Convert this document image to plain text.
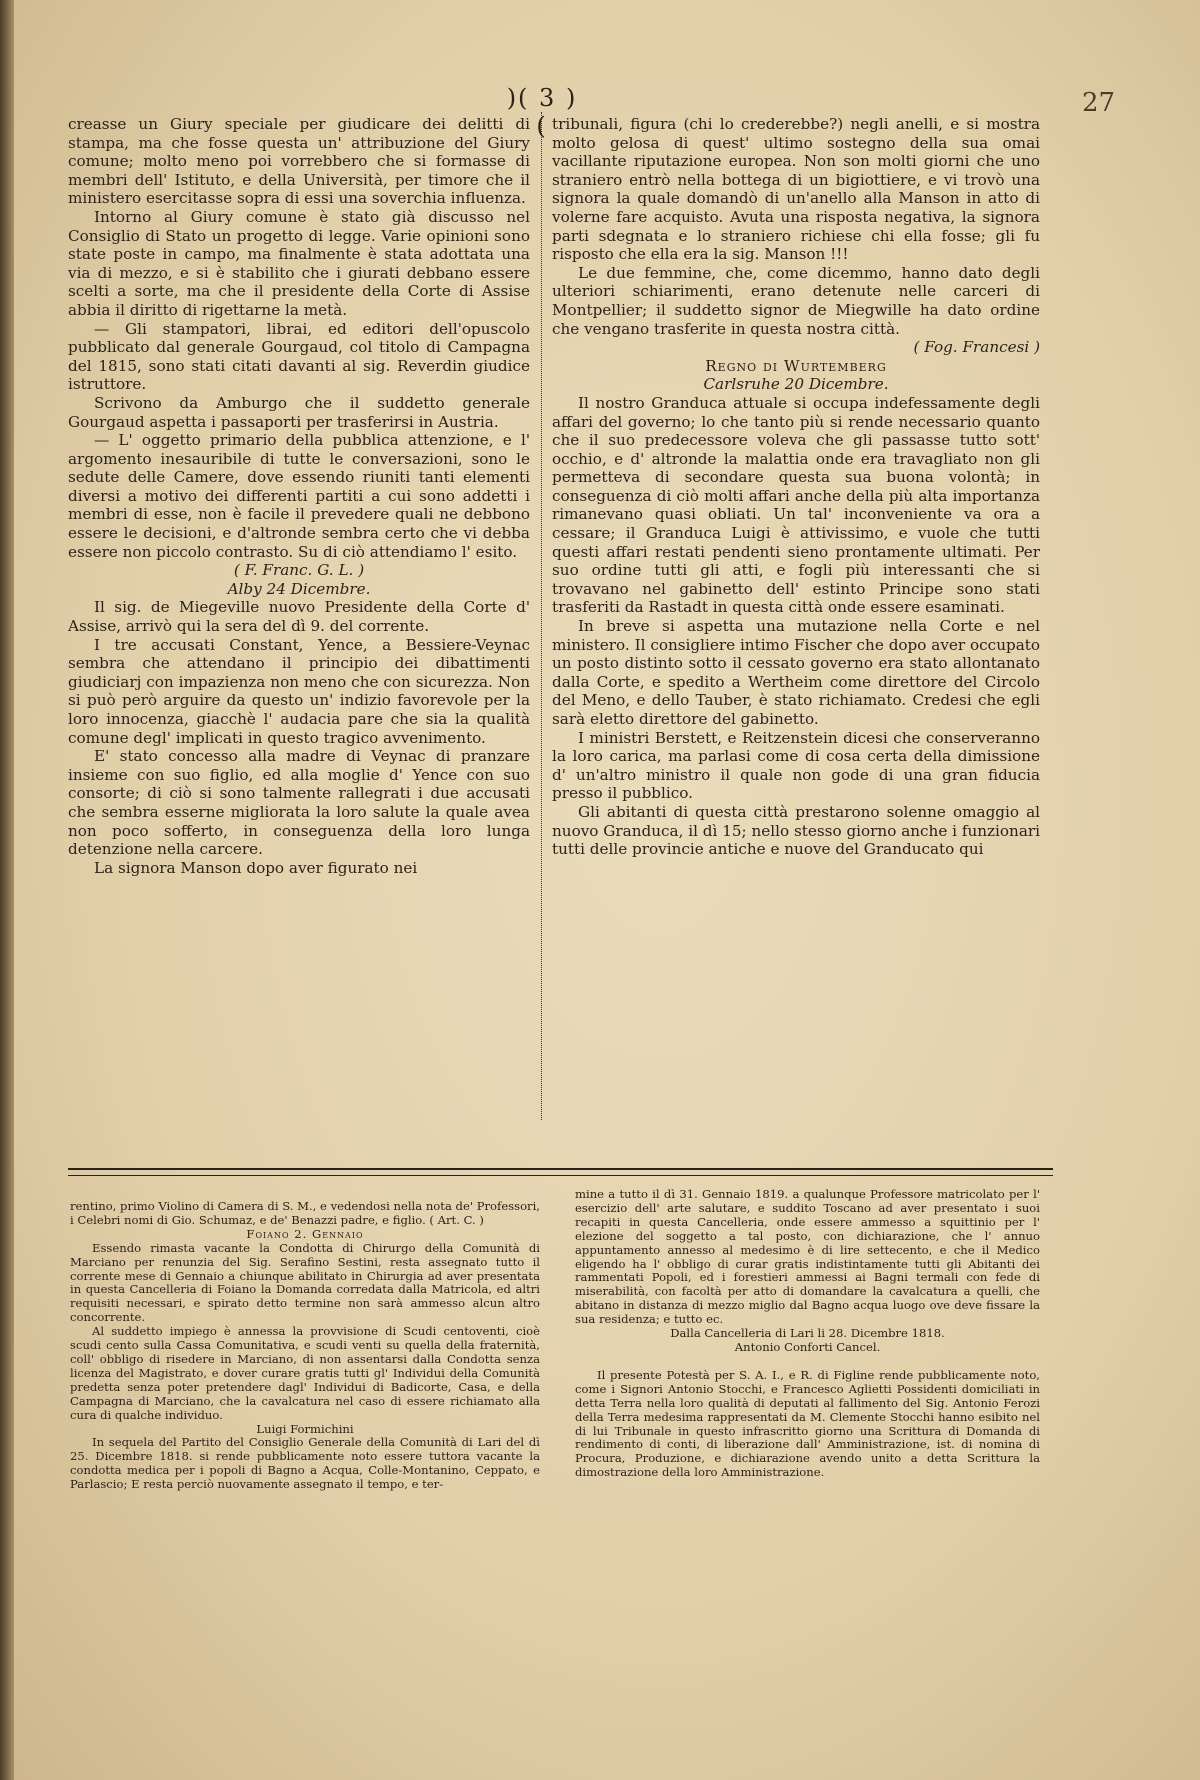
)( 3 )(
27

creasse un Giury speciale per giudicare dei delitti di stampa, ma che fosse questa un' attribuzione del Giury comune; molto meno poi vorrebbero che si formasse di membri dell' Istituto, e della Università, per timore che il ministero esercitasse sopra di essi una soverchia influenza.

Intorno al Giury comune è stato già discusso nel Consiglio di Stato un progetto di legge. Varie opinioni sono state poste in campo, ma finalmente è stata adottata una via di mezzo, e si è stabilito che i giurati debbano essere scelti a sorte, ma che il presidente della Corte di Assise abbia il diritto di rigettarne la metà.

— Gli stampatori, librai, ed editori dell'opuscolo pubblicato dal generale Gourgaud, col titolo di Campagna del 1815, sono stati citati davanti al sig. Reverdin giudice istruttore.

Scrivono da Amburgo che il suddetto generale Gourgaud aspetta i passaporti per trasferirsi in Austria.

— L' oggetto primario della pubblica attenzione, e l' argomento inesauribile di tutte le conversazioni, sono le sedute delle Camere, dove essendo riuniti tanti elementi diversi a motivo dei differenti partiti a cui sono addetti i membri di esse, non è facile il prevedere quali ne debbono essere le decisioni, e d'altronde sembra certo che vi debba essere non piccolo contrasto. Su di ciò attendiamo l' esito.

( F. Franc. G. L. )

Alby 24 Dicembre.

Il sig. de Miegeville nuovo Presidente della Corte d' Assise, arrivò qui la sera del dì 9. del corrente.

I tre accusati Constant, Yence, a Bessiere-Veynac sembra che attendano il principio dei dibattimenti giudiciarj con impazienza non meno che con sicurezza. Non si può però arguire da questo un' indizio favorevole per la loro innocenza, giacchè l' audacia pare che sia la qualità comune degl' implicati in questo tragico avvenimento.

E' stato concesso alla madre di Veynac di pranzare insieme con suo figlio, ed alla moglie d' Yence con suo consorte; di ciò si sono talmente rallegrati i due accusati che sembra esserne migliorata la loro salute la quale avea non poco sofferto, in conseguenza della loro lunga detenzione nella carcere.

La signora Manson dopo aver figurato nei

tribunali, figura (chi lo crederebbe?) negli anelli, e si mostra molto gelosa di quest' ultimo sostegno della sua omai vacillante riputazione europea. Non son molti giorni che uno straniero entrò nella bottega di un bigiottiere, e vi trovò una signora la quale domandò di un'anello alla Manson in atto di volerne fare acquisto. Avuta una risposta negativa, la signora parti sdegnata e lo straniero richiese chi ella fosse; gli fu risposto che ella era la sig. Manson !!!

Le due femmine, che, come dicemmo, hanno dato degli ulteriori schiarimenti, erano detenute nelle carceri di Montpellier; il suddetto signor de Miegwille ha dato ordine che vengano trasferite in questa nostra città.

( Fog. Francesi )

Regno di Wurtemberg

Carlsruhe 20 Dicembre.

Il nostro Granduca attuale si occupa indefessamente degli affari del governo; lo che tanto più si rende necessario quanto che il suo predecessore voleva che gli passasse tutto sott' occhio, e d' altronde la malattia onde era travagliato non gli permetteva di secondare questa sua buona volontà; in conseguenza di ciò molti affari anche della più alta importanza rimanevano quasi obliati. Un tal' inconveniente va ora a cessare; il Granduca Luigi è attivissimo, e vuole che tutti questi affari restati pendenti sieno prontamente ultimati. Per suo ordine tutti gli atti, e fogli più interessanti che si trovavano nel gabinetto dell' estinto Principe sono stati trasferiti da Rastadt in questa città onde essere esaminati.

In breve si aspetta una mutazione nella Corte e nel ministero. Il consigliere intimo Fischer che dopo aver occupato un posto distinto sotto il cessato governo era stato allontanato dalla Corte, e spedito a Wertheim come direttore del Circolo del Meno, e dello Tauber, è stato richiamato. Credesi che egli sarà eletto direttore del gabinetto.

I ministri Berstett, e Reitzenstein dicesi che conserveranno la loro carica, ma parlasi come di cosa certa della dimissione d' un'altro ministro il quale non gode di una gran fiducia presso il pubblico.

Gli abitanti di questa città prestarono solenne omaggio al nuovo Granduca, il dì 15; nello stesso giorno anche i funzionari tutti delle provincie antiche e nuove del Granducato qui

rentino, primo Violino di Camera di S. M., e vedendosi nella nota de' Professori, i Celebri nomi di Gio. Schumaz, e de' Benazzi padre, e figlio. ( Art. C. )

Foiano 2. Gennaio

Essendo rimasta vacante la Condotta di Chirurgo della Comunità di Marciano per renunzia del Sig. Serafino Sestini, resta assegnato tutto il corrente mese di Gennaio a chiunque abilitato in Chirurgia ad aver presentata in questa Cancelleria di Foiano la Domanda corredata dalla Matricola, ed altri requisiti necessari, e spirato detto termine non sarà ammesso alcun altro concorrente.

Al suddetto impiego è annessa la provvisione di Scudi centoventi, cioè scudi cento sulla Cassa Comunitativa, e scudi venti su quella della fraternità, coll' obbligo di risedere in Marciano, di non assentarsi dalla Condotta senza licenza del Magistrato, e dover curare gratis tutti gl' Individui della Comunità predetta senza poter pretendere dagl' Individui di Badicorte, Casa, e della Campagna di Marciano, che la cavalcatura nel caso di essere richiamato alla cura di qualche individuo.

Luigi Formichini

In sequela del Partito del Consiglio Generale della Comunità di Lari del dì 25. Dicembre 1818. si rende pubblicamente noto essere tuttora vacante la condotta medica per i popoli di Bagno a Acqua, Colle-Montanino, Ceppato, e Parlascio; E resta perciò nuovamente assegnato il tempo, e ter-

mine a tutto il dì 31. Gennaio 1819. a qualunque Professore matricolato per l' esercizio dell' arte salutare, e suddito Toscano ad aver presentato i suoi recapiti in questa Cancelleria, onde essere ammesso a squittinio per l' elezione del soggetto a tal posto, con dichiarazione, che l' annuo appuntamento annesso al medesimo è di lire settecento, e che il Medico eligendo ha l' obbligo di curar gratis indistintamente tutti gli Abitanti dei rammentati Popoli, ed i forestieri ammessi ai Bagni termali con fede di miserabilità, con facoltà per atto di domandare la cavalcatura a quelli, che abitano in distanza di mezzo miglio dal Bagno acqua luogo ove deve fissare la sua residenza; e tutto ec.

Dalla Cancelleria di Lari li 28. Dicembre 1818.

Antonio Conforti Cancel.

Il presente Potestà per S. A. I., e R. di Figline rende pubblicamente noto, come i Signori Antonio Stocchi, e Francesco Aglietti Possidenti domiciliati in detta Terra nella loro qualità di deputati al fallimento del Sig. Antonio Ferozi della Terra medesima rappresentati da M. Clemente Stocchi hanno esibito nel di lui Tribunale in questo infrascritto giorno una Scrittura di Domanda di rendimento di conti, di liberazione dall' Amministrazione, ist. di nomina di Procura, Produzione, e dichiarazione avendo unito a detta Scrittura la dimostrazione della loro Amministrazione.
